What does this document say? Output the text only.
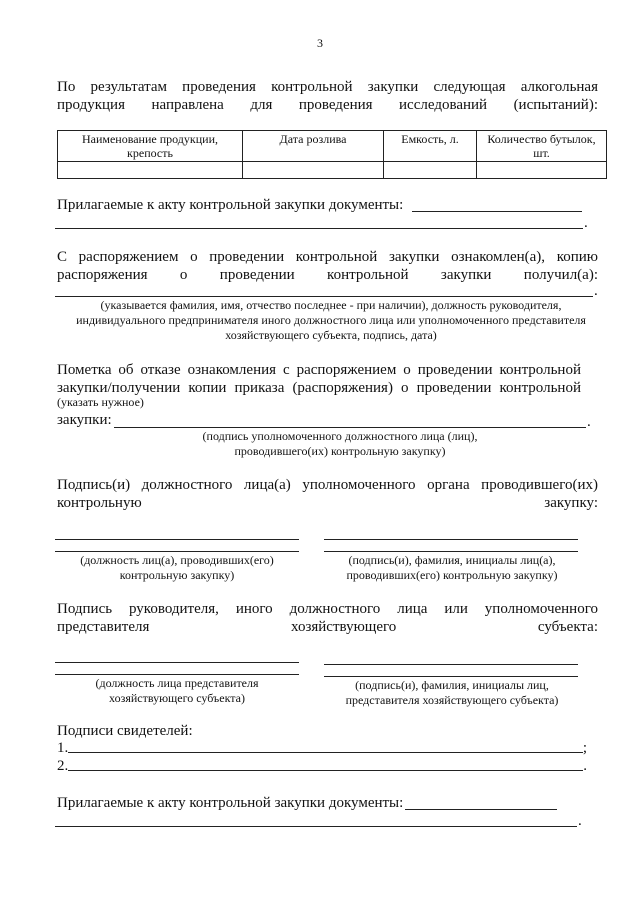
3
По результатам проведения контрольной закупки следующая алкогольная продукция направлена для проведения исследований (испытаний):
Наименование продукции, крепость	Дата розлива	Емкость, л.	Количество бутылок, шт.

Прилагаемые к акту контрольной закупки документы:
.
С распоряжением о проведении контрольной закупки ознакомлен(а), копию распоряжения о проведении контрольной закупки получил(а):
.
(указывается фамилия, имя, отчество последнее - при наличии), должность руководителя, индивидуального предпринимателя иного должностного лица или уполномоченного представителя хозяйствующего субъекта, подпись, дата)
Пометка об отказе ознакомления с распоряжением о проведении контрольной закупки/получении копии приказа (распоряжения) о проведении контрольной
(указать нужное)
закупки:	.
(подпись уполномоченного должностного лица (лиц), проводившего(их) контрольную закупку)
Подпись(и) должностного лица(а) уполномоченного органа проводившего(их) контрольную закупку:
(должность лиц(а), проводивших(его) контрольную закупку)
(подпись(и), фамилия, инициалы лиц(а), проводивших(его) контрольную закупку)
Подпись руководителя, иного должностного лица или уполномоченного представителя хозяйствующего субъекта:
(должность лица представителя хозяйствующего субъекта)
(подпись(и), фамилия, инициалы лиц, представителя хозяйствующего субъекта)
Подписи свидетелей:
1.	;
2.	.
Прилагаемые к акту контрольной закупки документы:
.
